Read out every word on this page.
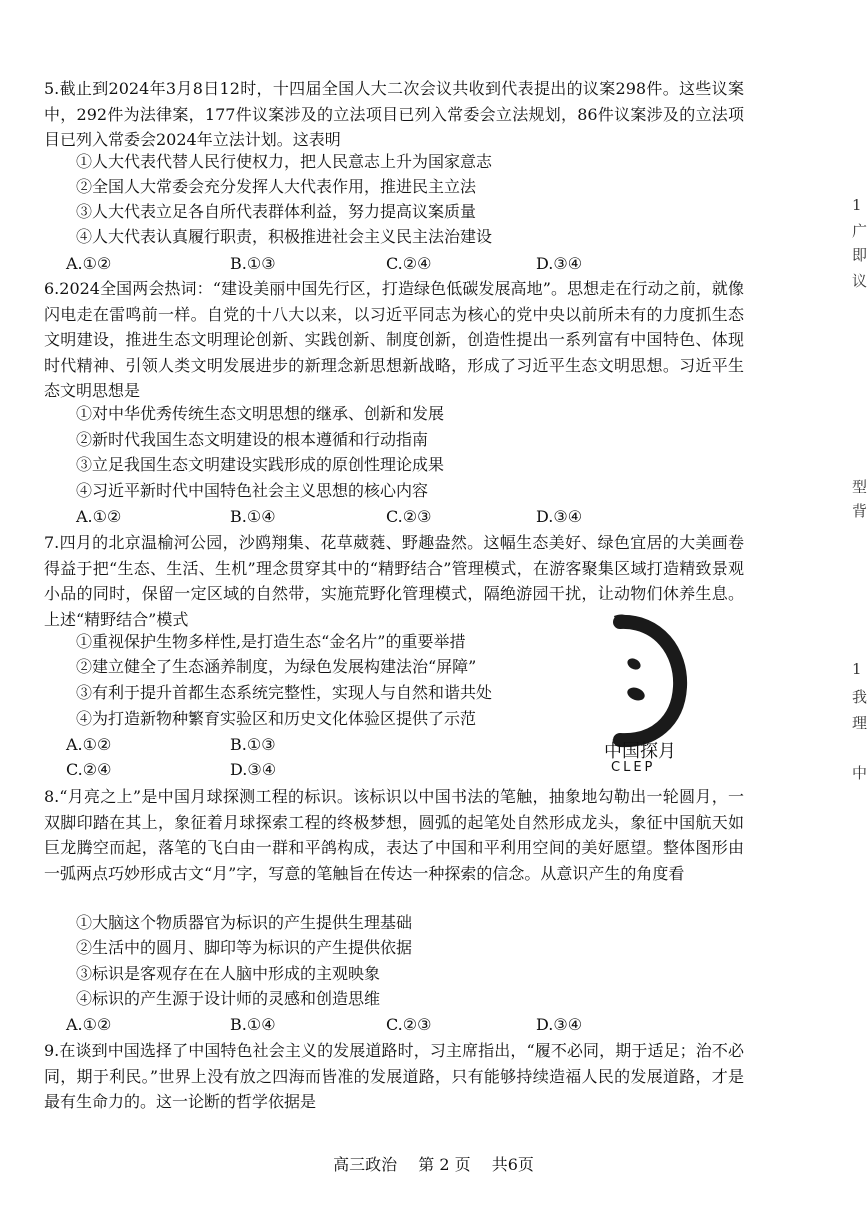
5.截止到2024年3月8日12时，十四届全国人大二次会议共收到代表提出的议案298件。这些议案中，292件为法律案，177件议案涉及的立法项目已列入常委会立法规划，86件议案涉及的立法项目已列入常委会2024年立法计划。这表明

①人大代表代替人民行使权力，把人民意志上升为国家意志
②全国人大常委会充分发挥人大代表作用，推进民主立法
③人大代表立足各自所代表群体利益，努力提高议案质量
④人大代表认真履行职责，积极推进社会主义民主法治建设
A.①②	B.①③	C.②④	D.③④

6.2024全国两会热词：“建设美丽中国先行区，打造绿色低碳发展高地”。思想走在行动之前，就像闪电走在雷鸣前一样。自党的十八大以来，以习近平同志为核心的党中央以前所未有的力度抓生态文明建设，推进生态文明理论创新、实践创新、制度创新，创造性提出一系列富有中国特色、体现时代精神、引领人类文明发展进步的新理念新思想新战略，形成了习近平生态文明思想。习近平生态文明思想是

①对中华优秀传统生态文明思想的继承、创新和发展
②新时代我国生态文明建设的根本遵循和行动指南
③立足我国生态文明建设实践形成的原创性理论成果
④习近平新时代中国特色社会主义思想的核心内容
A.①②	B.①④	C.②③	D.③④

7.四月的北京温榆河公园，沙鸥翔集、花草葳蕤、野趣盎然。这幅生态美好、绿色宜居的大美画卷得益于把“生态、生活、生机”理念贯穿其中的“精野结合”管理模式，在游客聚集区域打造精致景观小品的同时，保留一定区域的自然带，实施荒野化管理模式，隔绝游园干扰，让动物们休养生息。上述“精野结合”模式

①重视保护生物多样性,是打造生态“金名片”的重要举措
②建立健全了生态涵养制度，为绿色发展构建法治“屏障”
③有利于提升首都生态系统完整性，实现人与自然和谐共处
④为打造新物种繁育实验区和历史文化体验区提供了示范
A.①②	B.①③
C.②④	D.③④
中国探月
CLEP

8.“月亮之上”是中国月球探测工程的标识。该标识以中国书法的笔触，抽象地勾勒出一轮圆月，一双脚印踏在其上，象征着月球探索工程的终极梦想，圆弧的起笔处自然形成龙头，象征中国航天如巨龙腾空而起，落笔的飞白由一群和平鸽构成，表达了中国和平利用空间的美好愿望。整体图形由一弧两点巧妙形成古文“月”字，写意的笔触旨在传达一种探索的信念。从意识产生的角度看

①大脑这个物质器官为标识的产生提供生理基础
②生活中的圆月、脚印等为标识的产生提供依据
③标识是客观存在在人脑中形成的主观映象
④标识的产生源于设计师的灵感和创造思维
A.①②	B.①④	C.②③	D.③④

9.在谈到中国选择了中国特色社会主义的发展道路时，习主席指出，“履不必同，期于适足；治不必同，期于利民。”世界上没有放之四海而皆准的发展道路，只有能够持续造福人民的发展道路，才是最有生命力的。这一论断的哲学依据是

1
广
即
议
型
背
1
我
理
中
高三政治 第 2 页 共6页
